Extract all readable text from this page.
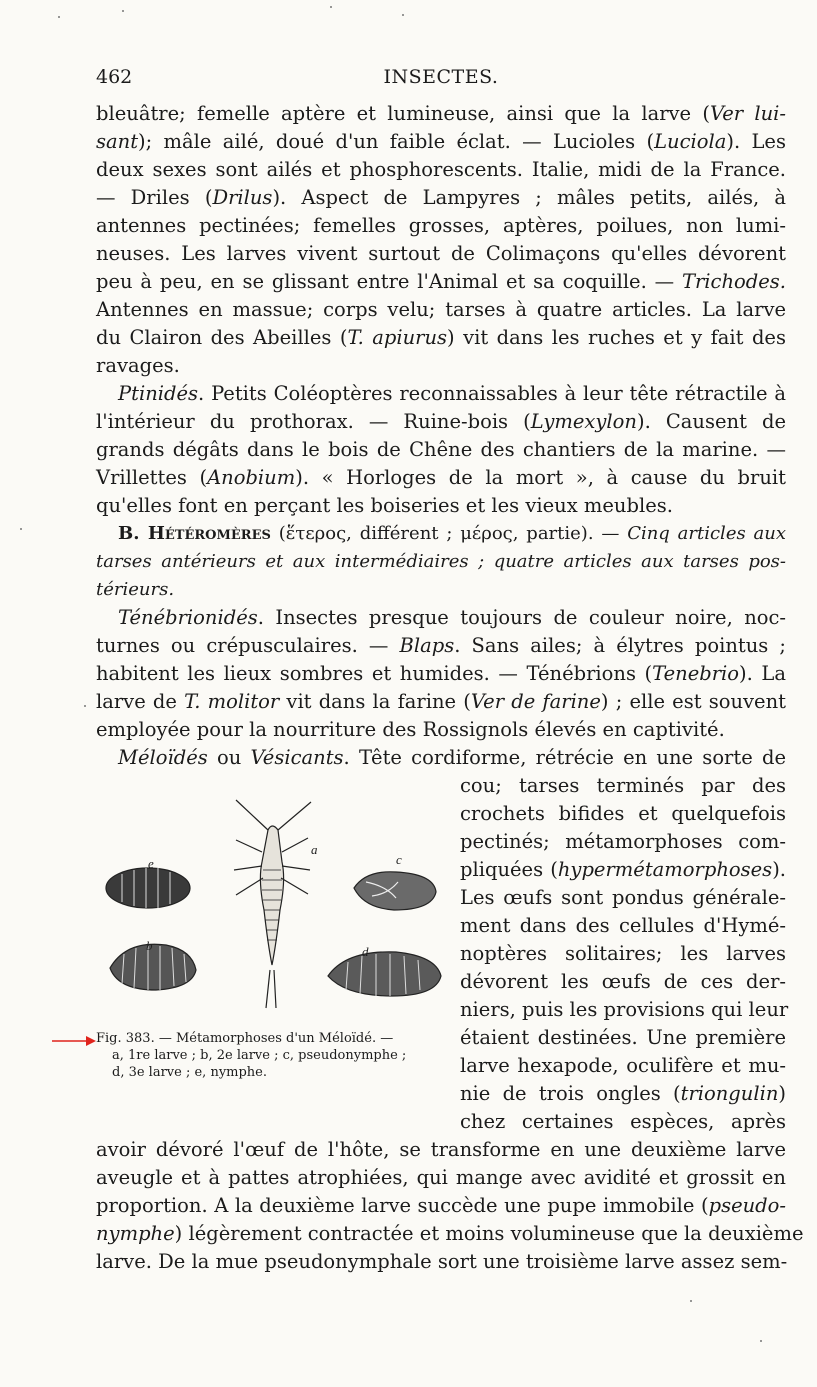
462	INSECTES.
bleuâtre; femelle aptère et lumineuse, ainsi que la larve (Ver lui-
sant); mâle ailé, doué d'un faible éclat. — Lucioles (Luciola). Les
deux sexes sont ailés et phosphorescents. Italie, midi de la France.
— Driles (Drilus). Aspect de Lampyres ; mâles petits, ailés, à
antennes pectinées; femelles grosses, aptères, poilues, non lumi-
neuses. Les larves vivent surtout de Colimaçons qu'elles dévorent
peu à peu, en se glissant entre l'Animal et sa coquille. — Trichodes.
Antennes en massue; corps velu; tarses à quatre articles. La larve
du Clairon des Abeilles (T. apiurus) vit dans les ruches et y fait des
ravages.
Ptinidés. Petits Coléoptères reconnaissables à leur tête rétractile à
l'intérieur du prothorax. — Ruine-bois (Lymexylon). Causent de
grands dégâts dans le bois de Chêne des chantiers de la marine. —
Vrillettes (Anobium). « Horloges de la mort », à cause du bruit
qu'elles font en perçant les boiseries et les vieux meubles.
B. Hétéromères (ἕτερος, différent ; μέρος, partie). — Cinq articles aux
tarses antérieurs et aux intermédiaires ; quatre articles aux tarses pos-
térieurs.
Ténébrionidés. Insectes presque toujours de couleur noire, noc-
turnes ou crépusculaires. — Blaps. Sans ailes; à élytres pointus ;
habitent les lieux sombres et humides. — Ténébrions (Tenebrio). La
larve de T. molitor vit dans la farine (Ver de farine) ; elle est souvent
employée pour la nourriture des Rossignols élevés en captivité.
Méloïdés ou Vésicants. Tête cordiforme, rétrécie en une sorte de
cou; tarses terminés par des
crochets bifides et quelquefois
pectinés; métamorphoses com-
pliquées (hypermétamorphoses).
Les œufs sont pondus générale-
ment dans des cellules d'Hymé-
noptères solitaires; les larves
dévorent les œufs de ces der-
niers, puis les provisions qui leur
étaient destinées. Une première
larve hexapode, oculifère et mu-
nie de trois ongles (triongulin)
chez certaines espèces, après
avoir dévoré l'œuf de l'hôte, se transforme en une deuxième larve
aveugle et à pattes atrophiées, qui mange avec avidité et grossit en
proportion. A la deuxième larve succède une pupe immobile (pseudo-
nymphe) légèrement contractée et moins volumineuse que la deuxième
larve. De la mue pseudonymphale sort une troisième larve assez sem-
a
e	c
b	d
Fig. 383. — Métamorphoses d'un Méloïdé. —
a, 1re larve ; b, 2e larve ; c, pseudonymphe ;
d, 3e larve ; e, nymphe.
